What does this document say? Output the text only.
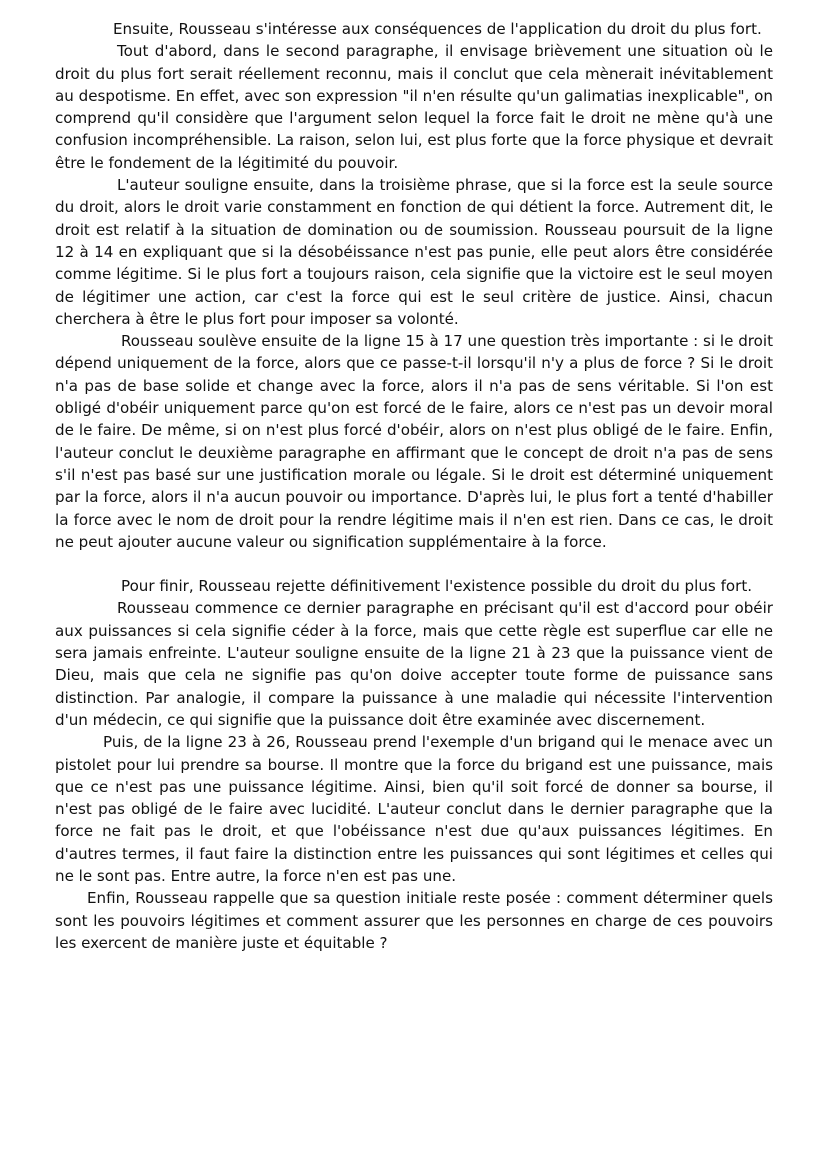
Ensuite, Rousseau s'intéresse aux conséquences de l'application du droit du plus fort.

Tout d'abord, dans le second paragraphe, il envisage brièvement une situation où le droit du plus fort serait réellement reconnu, mais il conclut que cela mènerait inévitablement au despotisme. En effet, avec son expression "il n'en résulte qu'un galimatias inexplicable", on comprend qu'il considère que l'argument selon lequel la force fait le droit ne mène qu'à une confusion incompréhensible. La raison, selon lui, est plus forte que la force physique et devrait être le fondement de la légitimité du pouvoir.

L'auteur souligne ensuite, dans la troisième phrase, que si la force est la seule source du droit, alors le droit varie constamment en fonction de qui détient la force. Autrement dit, le droit est relatif à la situation de domination ou de soumission. Rousseau poursuit de la ligne 12 à 14 en expliquant que si la désobéissance n'est pas punie, elle peut alors être considérée comme légitime. Si le plus fort a toujours raison, cela signifie que la victoire est le seul moyen de légitimer une action, car c'est la force qui est le seul critère de justice. Ainsi, chacun cherchera à être le plus fort pour imposer sa volonté.

Rousseau soulève ensuite de la ligne 15 à 17 une question très importante : si le droit dépend uniquement de la force, alors que ce passe-t-il lorsqu'il n'y a plus de force ? Si le droit n'a pas de base solide et change avec la force, alors il n'a pas de sens véritable. Si l'on est obligé d'obéir uniquement parce qu'on est forcé de le faire, alors ce n'est pas un devoir moral de le faire. De même, si on n'est plus forcé d'obéir, alors on n'est plus obligé de le faire. Enfin, l'auteur conclut le deuxième paragraphe en affirmant que le concept de droit n'a pas de sens s'il n'est pas basé sur une justification morale ou légale. Si le droit est déterminé uniquement par la force, alors il n'a aucun pouvoir ou importance. D'après lui, le plus fort a tenté d'habiller la force avec le nom de droit pour la rendre légitime mais il n'en est rien. Dans ce cas, le droit ne peut ajouter aucune valeur ou signification supplémentaire à la force.

Pour finir, Rousseau rejette définitivement l'existence possible du droit du plus fort.

Rousseau commence ce dernier paragraphe en précisant qu'il est d'accord pour obéir aux puissances si cela signifie céder à la force, mais que cette règle est superflue car elle ne sera jamais enfreinte. L'auteur souligne ensuite de la ligne 21 à 23 que la puissance vient de Dieu, mais que cela ne signifie pas qu'on doive accepter toute forme de puissance sans distinction. Par analogie, il compare la puissance à une maladie qui nécessite l'intervention d'un médecin, ce qui signifie que la puissance doit être examinée avec discernement.

Puis, de la ligne 23 à 26, Rousseau prend l'exemple d'un brigand qui le menace avec un pistolet pour lui prendre sa bourse. Il montre que la force du brigand est une puissance, mais que ce n'est pas une puissance légitime. Ainsi, bien qu'il soit forcé de donner sa bourse, il n'est pas obligé de le faire avec lucidité. L'auteur conclut dans le dernier paragraphe que la force ne fait pas le droit, et que l'obéissance n'est due qu'aux puissances légitimes. En d'autres termes, il faut faire la distinction entre les puissances qui sont légitimes et celles qui ne le sont pas. Entre autre, la force n'en est pas une.

Enfin, Rousseau rappelle que sa question initiale reste posée : comment déterminer quels sont les pouvoirs légitimes et comment assurer que les personnes en charge de ces pouvoirs les exercent de manière juste et équitable ?
